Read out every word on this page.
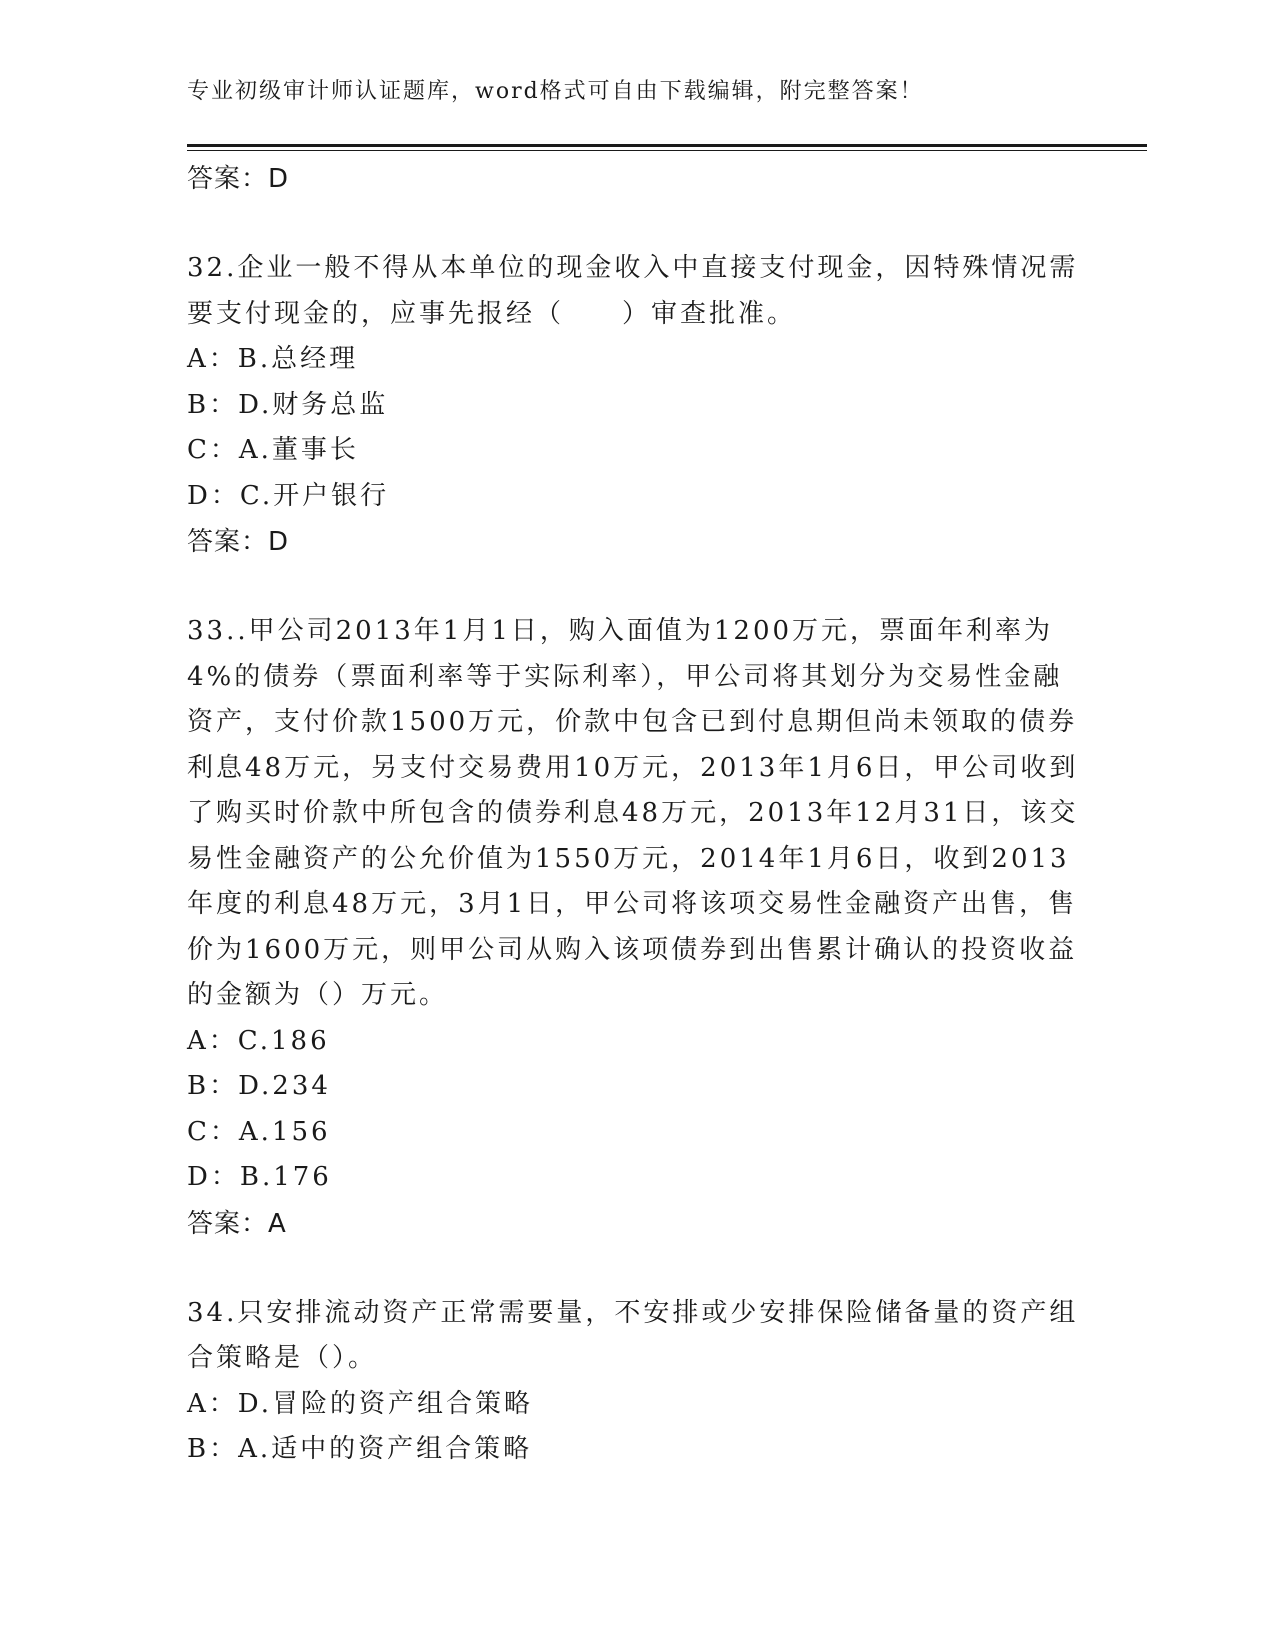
专业初级审计师认证题库，word格式可自由下载编辑，附完整答案！
答案：D
32.企业一般不得从本单位的现金收入中直接支付现金，因特殊情况需要支付现金的，应事先报经（　　）审查批准。
A：B.总经理
B：D.财务总监
C：A.董事长
D：C.开户银行
答案：D
33..甲公司2013年1月1日，购入面值为1200万元，票面年利率为4%的债券（票面利率等于实际利率），甲公司将其划分为交易性金融资产，支付价款1500万元，价款中包含已到付息期但尚未领取的债券利息48万元，另支付交易费用10万元，2013年1月6日，甲公司收到了购买时价款中所包含的债券利息48万元，2013年12月31日，该交易性金融资产的公允价值为1550万元，2014年1月6日，收到2013年度的利息48万元，3月1日，甲公司将该项交易性金融资产出售，售价为1600万元，则甲公司从购入该项债券到出售累计确认的投资收益的金额为（）万元。
A：C.186
B：D.234
C：A.156
D：B.176
答案：A
34.只安排流动资产正常需要量，不安排或少安排保险储备量的资产组合策略是（）。
A：D.冒险的资产组合策略
B：A.适中的资产组合策略
